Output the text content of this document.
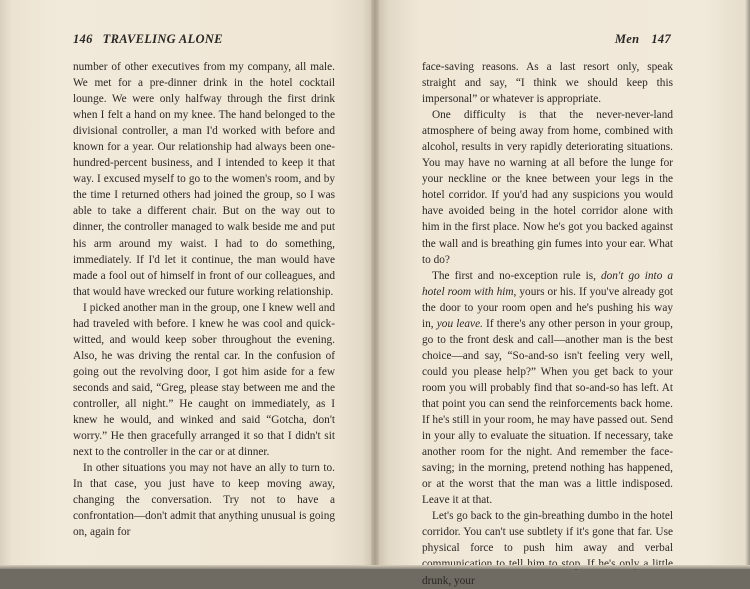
146 TRAVELING ALONE

number of other executives from my company, all male. We met for a pre-dinner drink in the hotel cocktail lounge. We were only halfway through the first drink when I felt a hand on my knee. The hand belonged to the divisional controller, a man I'd worked with before and known for a year. Our relationship had always been one-hundred-percent business, and I intended to keep it that way. I excused myself to go to the women's room, and by the time I returned others had joined the group, so I was able to take a different chair. But on the way out to dinner, the controller managed to walk beside me and put his arm around my waist. I had to do something, immediately. If I'd let it continue, the man would have made a fool out of himself in front of our colleagues, and that would have wrecked our future working relationship.

I picked another man in the group, one I knew well and had traveled with before. I knew he was cool and quick-witted, and would keep sober throughout the evening. Also, he was driving the rental car. In the confusion of going out the revolving door, I got him aside for a few seconds and said, “Greg, please stay between me and the controller, all night.” He caught on immediately, as I knew he would, and winked and said “Gotcha, don't worry.” He then gracefully arranged it so that I didn't sit next to the controller in the car or at dinner.

In other situations you may not have an ally to turn to. In that case, you just have to keep moving away, changing the conversation. Try not to have a confrontation—don't admit that anything unusual is going on, again for

Men 147

face-saving reasons. As a last resort only, speak straight and say, “I think we should keep this impersonal” or whatever is appropriate.

One difficulty is that the never-never-land atmosphere of being away from home, combined with alcohol, results in very rapidly deteriorating situations. You may have no warning at all before the lunge for your neckline or the knee between your legs in the hotel corridor. If you'd had any suspicions you would have avoided being in the hotel corridor alone with him in the first place. Now he's got you backed against the wall and is breathing gin fumes into your ear. What to do?

The first and no-exception rule is, don't go into a hotel room with him, yours or his. If you've already got the door to your room open and he's pushing his way in, you leave. If there's any other person in your group, go to the front desk and call—another man is the best choice—and say, “So-and-so isn't feeling very well, could you please help?” When you get back to your room you will probably find that so-and-so has left. At that point you can send the reinforcements back home. If he's still in your room, he may have passed out. Send in your ally to evaluate the situation. If necessary, take another room for the night. And remember the face-saving; in the morning, pretend nothing has happened, or at the worst that the man was a little indisposed. Leave it at that.

Let's go back to the gin-breathing dumbo in the hotel corridor. You can't use subtlety if it's gone that far. Use physical force to push him away and verbal drunk, your
